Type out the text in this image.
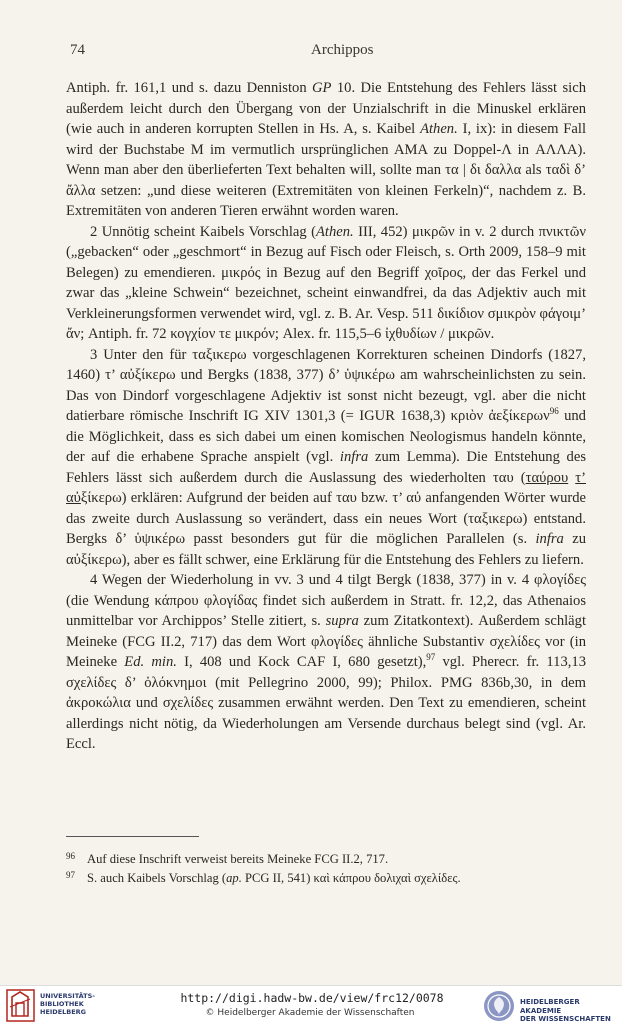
74	Archippos

Antiph. fr. 161,1 und s. dazu Denniston GP 10. Die Entstehung des Fehlers lässt sich außerdem leicht durch den Übergang von der Unzialschrift in die Minuskel erklären (wie auch in anderen korrupten Stellen in Hs. A, s. Kaibel Athen. I, ix): in diesem Fall wird der Buchstabe M im vermutlich ursprünglichen AMA zu Doppel-Λ in ΑΛΛΑ). Wenn man aber den überlieferten Text behalten will, sollte man τα | δι δαλλα als ταδὶ δ’ ἄλλα setzen: „und diese weiteren (Extremitäten von kleinen Ferkeln)“, nachdem z. B. Extremitäten von anderen Tieren erwähnt worden waren.

2 Unnötig scheint Kaibels Vorschlag (Athen. III, 452) μικρῶν in v. 2 durch πνικτῶν („gebacken“ oder „geschmort“ in Bezug auf Fisch oder Fleisch, s. Orth 2009, 158–9 mit Belegen) zu emendieren. μικρός in Bezug auf den Begriff χοῖρος, der das Ferkel und zwar das „kleine Schwein“ bezeichnet, scheint einwandfrei, da das Adjektiv auch mit Verkleinerungsformen verwendet wird, vgl. z. B. Ar. Vesp. 511 δικίδιον σμικρὸν φάγοιμ’ ἄν; Antiph. fr. 72 κογχίον τε μικρόν; Alex. fr. 115,5–6 ἰχθυδίων / μικρῶν.

3 Unter den für ταξικερω vorgeschlagenen Korrekturen scheinen Dindorfs (1827, 1460) τ’ αὐξίκερω und Bergks (1838, 377) δ’ ὑψικέρω am wahrscheinlichsten zu sein. Das von Dindorf vorgeschlagene Adjektiv ist sonst nicht bezeugt, vgl. aber die nicht datierbare römische Inschrift IG XIV 1301,3 (= IGUR 1638,3) κριὸν ἀεξίκερων$^{96}$ und die Möglichkeit, dass es sich dabei um einen komischen Neologismus handeln könnte, der auf die erhabene Sprache anspielt (vgl. infra zum Lemma). Die Entstehung des Fehlers lässt sich außerdem durch die Auslassung des wiederholten ταυ (ταύρου τ’ αὐξίκερω) erklären: Aufgrund der beiden auf ταυ bzw. τ’ αὐ anfangenden Wörter wurde das zweite durch Auslassung so verändert, dass ein neues Wort (ταξικερω) entstand. Bergks δ’ ὑψικέρω passt besonders gut für die möglichen Parallelen (s. infra zu αὐξίκερω), aber es fällt schwer, eine Erklärung für die Entstehung des Fehlers zu liefern.

4 Wegen der Wiederholung in vv. 3 und 4 tilgt Bergk (1838, 377) in v. 4 φλογίδες (die Wendung κάπρου φλογίδας findet sich außerdem in Stratt. fr. 12,2, das Athenaios unmittelbar vor Archippos’ Stelle zitiert, s. supra zum Zitatkontext). Außerdem schlägt Meineke (FCG II.2, 717) das dem Wort φλογίδες ähnliche Substantiv σχελίδες vor (in Meineke Ed. min. I, 408 und Kock CAF I, 680 gesetzt),$^{97}$ vgl. Pherecr. fr. 113,13 σχελίδες δ’ ὀλόκνημοι (mit Pellegrino 2000, 99); Philox. PMG 836b,30, in dem ἀκροκώλια und σχελίδες zusammen erwähnt werden. Den Text zu emendieren, scheint allerdings nicht nötig, da Wiederholungen am Versende durchaus belegt sind (vgl. Ar. Eccl.

96 Auf diese Inschrift verweist bereits Meineke FCG II.2, 717.
97 S. auch Kaibels Vorschlag (ap. PCG II, 541) καὶ κάπρου δολιχαὶ σχελίδες.
UNIVERSITÄTS-
BIBLIOTHEK
HEIDELBERG
http://digi.hadw-bw.de/view/frc12/0078
© Heidelberger Akademie der Wissenschaften
HEIDELBERGER AKADEMIE
DER WISSENSCHAFTEN
